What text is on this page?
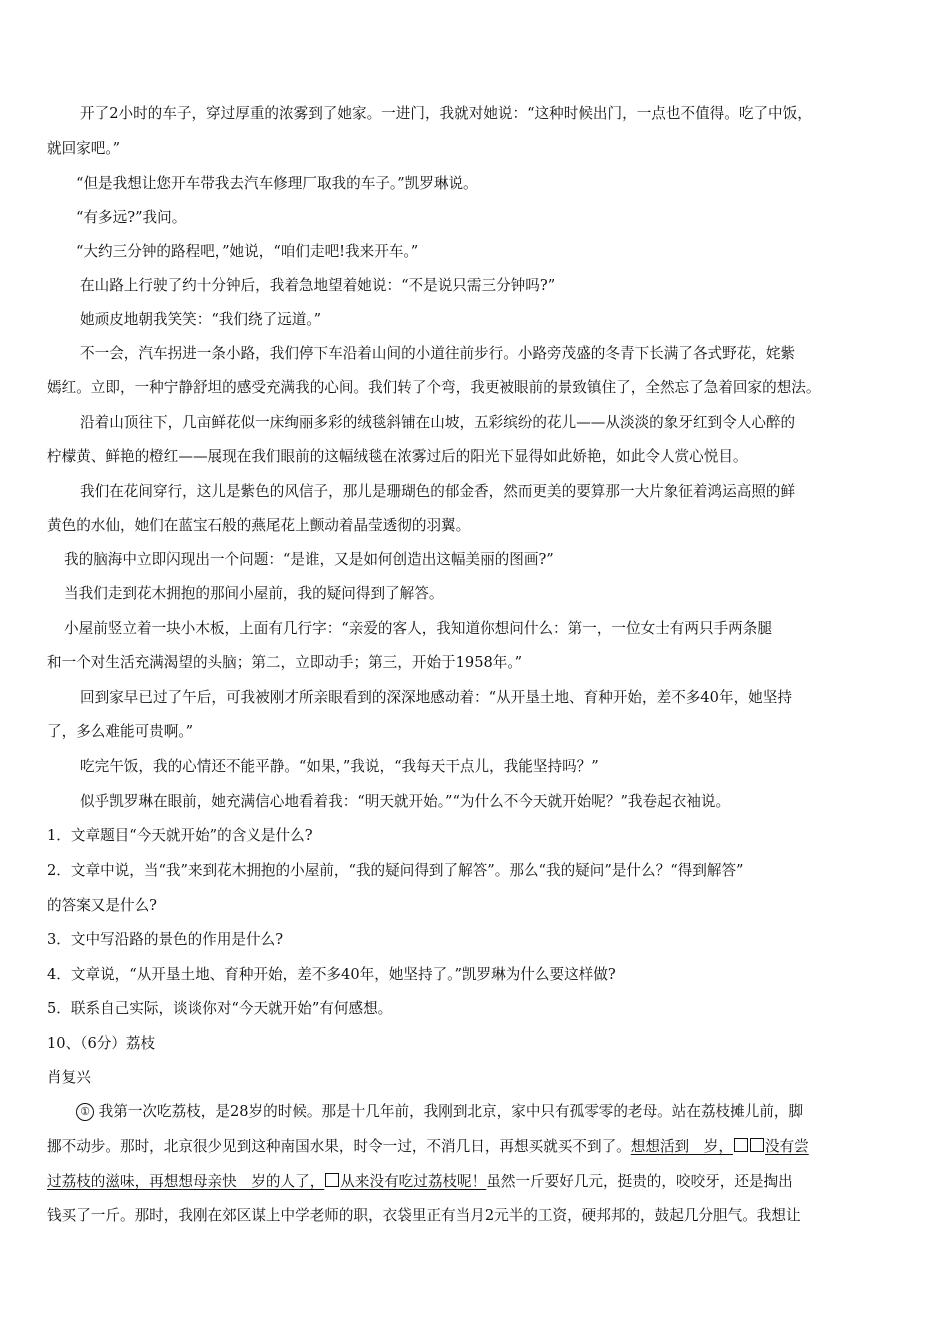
开了2小时的车子，穿过厚重的浓雾到了她家。一进门，我就对她说：“这种时候出门，一点也不值得。吃了中饭，
就回家吧。”
“但是我想让您开车带我去汽车修理厂取我的车子。”凯罗琳说。
“有多远?”我问。
“大约三分钟的路程吧，”她说，“咱们走吧!我来开车。”
在山路上行驶了约十分钟后，我着急地望着她说：“不是说只需三分钟吗?”
她顽皮地朝我笑笑：“我们绕了远道。”
不一会，汽车拐进一条小路，我们停下车沿着山间的小道往前步行。小路旁茂盛的冬青下长满了各式野花，姹紫
嫣红。立即，一种宁静舒坦的感受充满我的心间。我们转了个弯，我更被眼前的景致镇住了，全然忘了急着回家的想法。
沿着山顶往下，几亩鲜花似一床绚丽多彩的绒毯斜铺在山坡，五彩缤纷的花儿——从淡淡的象牙红到令人心醉的
柠檬黄、鲜艳的橙红——展现在我们眼前的这幅绒毯在浓雾过后的阳光下显得如此娇艳，如此令人赏心悦目。
我们在花间穿行，这儿是紫色的风信子，那儿是珊瑚色的郁金香，然而更美的要算那一大片象征着鸿运高照的鲜
黄色的水仙，她们在蓝宝石般的燕尾花上颤动着晶莹透彻的羽翼。
我的脑海中立即闪现出一个问题：“是谁，又是如何创造出这幅美丽的图画?”
当我们走到花木拥抱的那间小屋前，我的疑问得到了解答。
小屋前竖立着一块小木板，上面有几行字：“亲爱的客人，我知道你想问什么：第一，一位女士有两只手两条腿
和一个对生活充满渴望的头脑；第二，立即动手；第三，开始于1958年。”
回到家早已过了午后，可我被刚才所亲眼看到的深深地感动着：“从开垦土地、育种开始，差不多40年，她坚持
了，多么难能可贵啊。”
吃完午饭，我的心情还不能平静。“如果，”我说，“我每天干点儿，我能坚持吗？”
似乎凯罗琳在眼前，她充满信心地看着我：“明天就开始。”“为什么不今天就开始呢？”我卷起衣袖说。
1．文章题目“今天就开始”的含义是什么?
2．文章中说，当“我”来到花木拥抱的小屋前，“我的疑问得到了解答”。那么“我的疑问”是什么？“得到解答”
的答案又是什么?
3．文中写沿路的景色的作用是什么?
4．文章说，“从开垦土地、育种开始，差不多40年，她坚持了。”凯罗琳为什么要这样做?
5．联系自己实际，谈谈你对“今天就开始”有何感想。
10、（6分）荔枝
肖复兴
① 我第一次吃荔枝，是28岁的时候。那是十几年前，我刚到北京，家中只有孤零零的老母。站在荔枝摊儿前，脚
挪不动步。那时，北京很少见到这种南国水果，时令一过，不消几日，再想买就买不到了。想想活到　岁， 没有尝
过荔枝的滋味，再想想母亲快　岁的人了， 从来没有吃过荔枝呢！虽然一斤要好几元，挺贵的，咬咬牙，还是掏出
钱买了一斤。那时，我刚在郊区谋上中学老师的职，衣袋里正有当月2元半的工资，硬邦邦的，鼓起几分胆气。我想让
